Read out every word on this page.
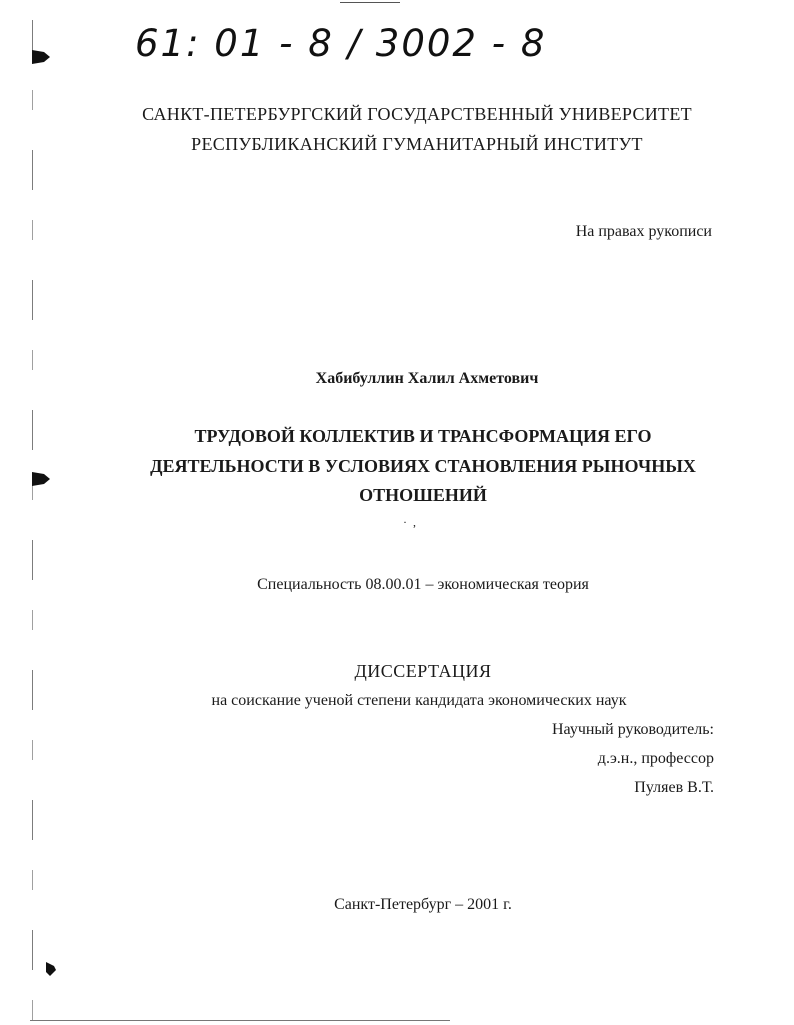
61: 01 - 8 / 3002 - 8
САНКТ-ПЕТЕРБУРГСКИЙ ГОСУДАРСТВЕННЫЙ УНИВЕРСИТЕТ
РЕСПУБЛИКАНСКИЙ ГУМАНИТАРНЫЙ ИНСТИТУТ
На правах рукописи
Хабибуллин Халил Ахметович
ТРУДОВОЙ КОЛЛЕКТИВ И ТРАНСФОРМАЦИЯ ЕГО
ДЕЯТЕЛЬНОСТИ В УСЛОВИЯХ СТАНОВЛЕНИЯ РЫНОЧНЫХ
ОТНОШЕНИЙ
·  ,
Специальность 08.00.01 – экономическая теория
ДИССЕРТАЦИЯ
на соискание ученой степени кандидата экономических наук
Научный руководитель:
д.э.н., профессор
Пуляев В.Т.
Санкт-Петербург – 2001 г.
